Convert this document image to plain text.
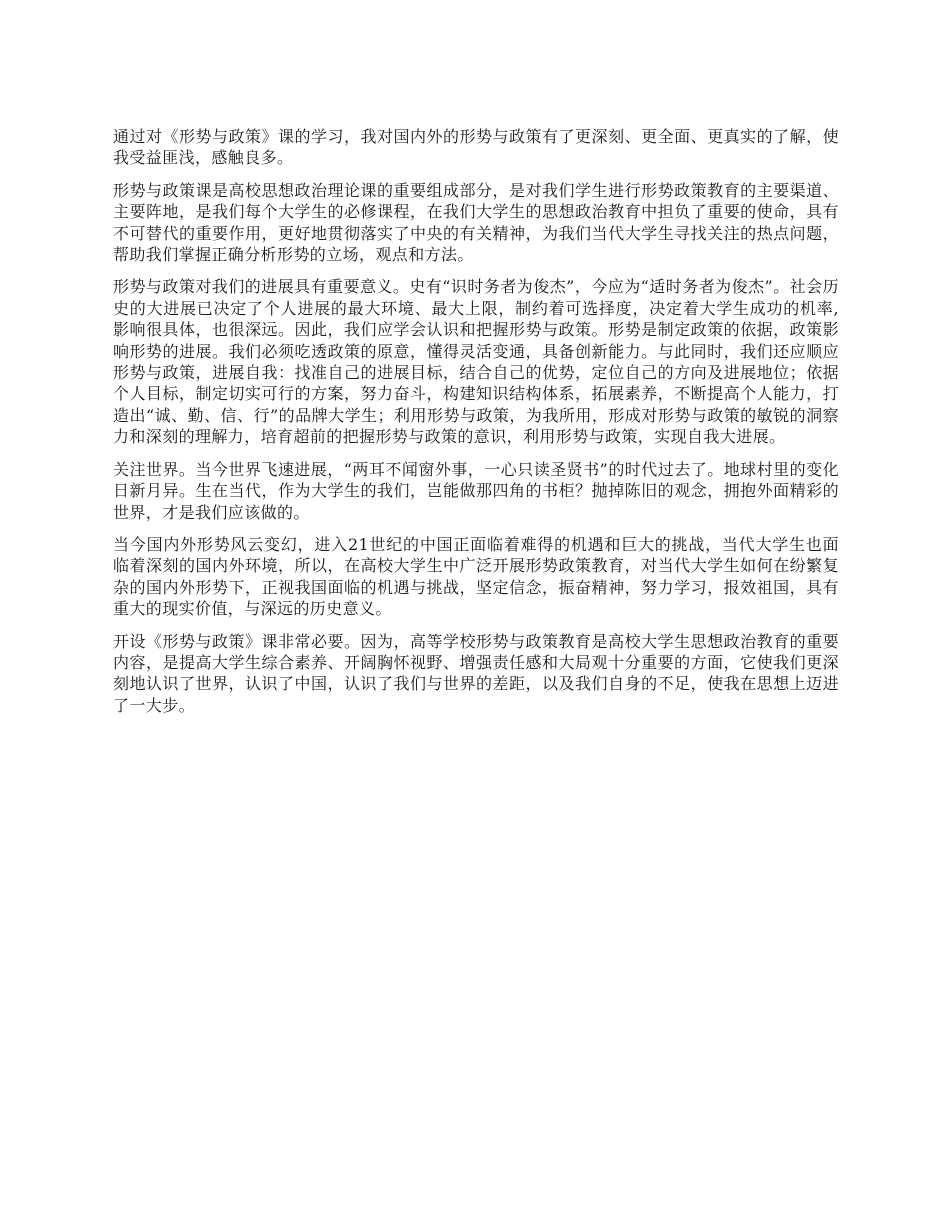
通过对《形势与政策》课的学习，我对国内外的形势与政策有了更深刻、更全面、更真实的了解，使我受益匪浅，感触良多。

形势与政策课是高校思想政治理论课的重要组成部分，是对我们学生进行形势政策教育的主要渠道、主要阵地，是我们每个大学生的必修课程，在我们大学生的思想政治教育中担负了重要的使命，具有不可替代的重要作用，更好地贯彻落实了中央的有关精神，为我们当代大学生寻找关注的热点问题，帮助我们掌握正确分析形势的立场，观点和方法。

形势与政策对我们的进展具有重要意义。史有“识时务者为俊杰”，今应为“适时务者为俊杰”。社会历史的大进展已决定了个人进展的最大环境、最大上限，制约着可选择度，决定着大学生成功的机率,影响很具体，也很深远。因此，我们应学会认识和把握形势与政策。形势是制定政策的依据，政策影响形势的进展。我们必须吃透政策的原意，懂得灵活变通，具备创新能力。与此同时，我们还应顺应形势与政策，进展自我：找准自己的进展目标，结合自己的优势，定位自己的方向及进展地位；依据个人目标，制定切实可行的方案，努力奋斗，构建知识结构体系，拓展素养，不断提高个人能力，打造出“诚、勤、信、行”的品牌大学生；利用形势与政策，为我所用，形成对形势与政策的敏锐的洞察力和深刻的理解力，培育超前的把握形势与政策的意识，利用形势与政策，实现自我大进展。

关注世界。当今世界飞速进展，“两耳不闻窗外事，一心只读圣贤书”的时代过去了。地球村里的变化日新月异。生在当代，作为大学生的我们，岂能做那四角的书柜？抛掉陈旧的观念，拥抱外面精彩的世界，才是我们应该做的。

当今国内外形势风云变幻，进入21世纪的中国正面临着难得的机遇和巨大的挑战，当代大学生也面临着深刻的国内外环境，所以，在高校大学生中广泛开展形势政策教育，对当代大学生如何在纷繁复杂的国内外形势下，正视我国面临的机遇与挑战，坚定信念，振奋精神，努力学习，报效祖国，具有重大的现实价值，与深远的历史意义。

开设《形势与政策》课非常必要。因为，高等学校形势与政策教育是高校大学生思想政治教育的重要内容，是提高大学生综合素养、开阔胸怀视野、增强责任感和大局观十分重要的方面，它使我们更深刻地认识了世界，认识了中国，认识了我们与世界的差距，以及我们自身的不足，使我在思想上迈进了一大步。
